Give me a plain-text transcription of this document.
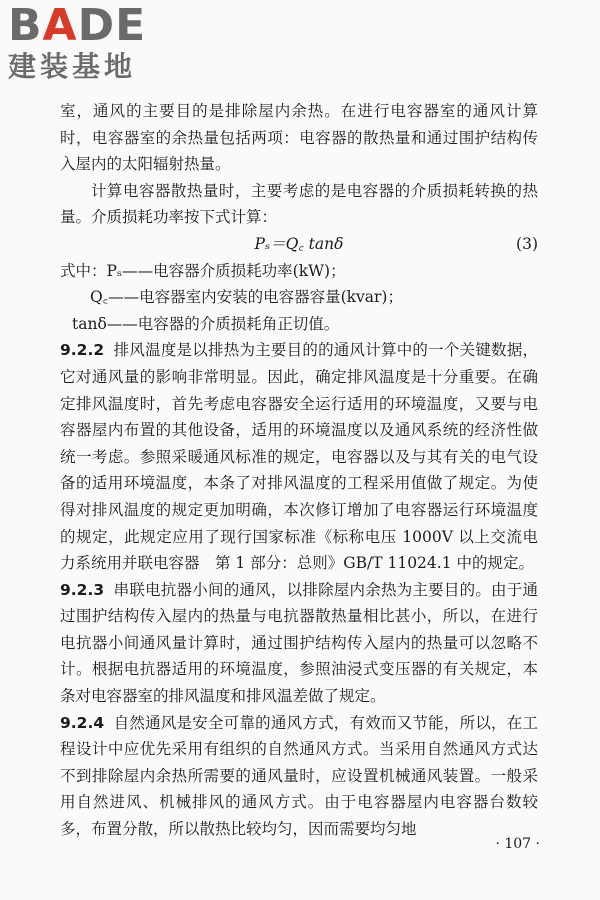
BADE
建装基地

室，通风的主要目的是排除屋内余热。在进行电容器室的通风计算时，电容器室的余热量包括两项：电容器的散热量和通过围护结构传入屋内的太阳辐射热量。

计算电容器散热量时，主要考虑的是电容器的介质损耗转换的热量。介质损耗功率按下式计算：

Pₛ＝Q꜀ tanδ	(3)

式中：Pₛ——电容器介质损耗功率(kW)；

Q꜀——电容器室内安装的电容器容量(kvar)；

tanδ——电容器的介质损耗角正切值。

9.2.2 排风温度是以排热为主要目的的通风计算中的一个关键数据，它对通风量的影响非常明显。因此，确定排风温度是十分重要。在确定排风温度时，首先考虑电容器安全运行适用的环境温度，又要与电容器屋内布置的其他设备，适用的环境温度以及通风系统的经济性做统一考虑。参照采暖通风标准的规定，电容器以及与其有关的电气设备的适用环境温度，本条了对排风温度的工程采用值做了规定。为使得对排风温度的规定更加明确，本次修订增加了电容器运行环境温度的规定，此规定应用了现行国家标准《标称电压 1000V 以上交流电力系统用并联电容器　第 1 部分：总则》GB/T 11024.1 中的规定。

9.2.3 串联电抗器小间的通风，以排除屋内余热为主要目的。由于通过围护结构传入屋内的热量与电抗器散热量相比甚小，所以，在进行电抗器小间通风量计算时，通过围护结构传入屋内的热量可以忽略不计。根据电抗器适用的环境温度，参照油浸式变压器的有关规定，本条对电容器室的排风温度和排风温差做了规定。

9.2.4 自然通风是安全可靠的通风方式，有效而又节能，所以，在工程设计中应优先采用有组织的自然通风方式。当采用自然通风方式达不到排除屋内余热所需要的通风量时，应设置机械通风装置。一般采用自然进风、机械排风的通风方式。由于电容器屋内电容器台数较多，布置分散，所以散热比较均匀，因而需要均匀地

· 107 ·
